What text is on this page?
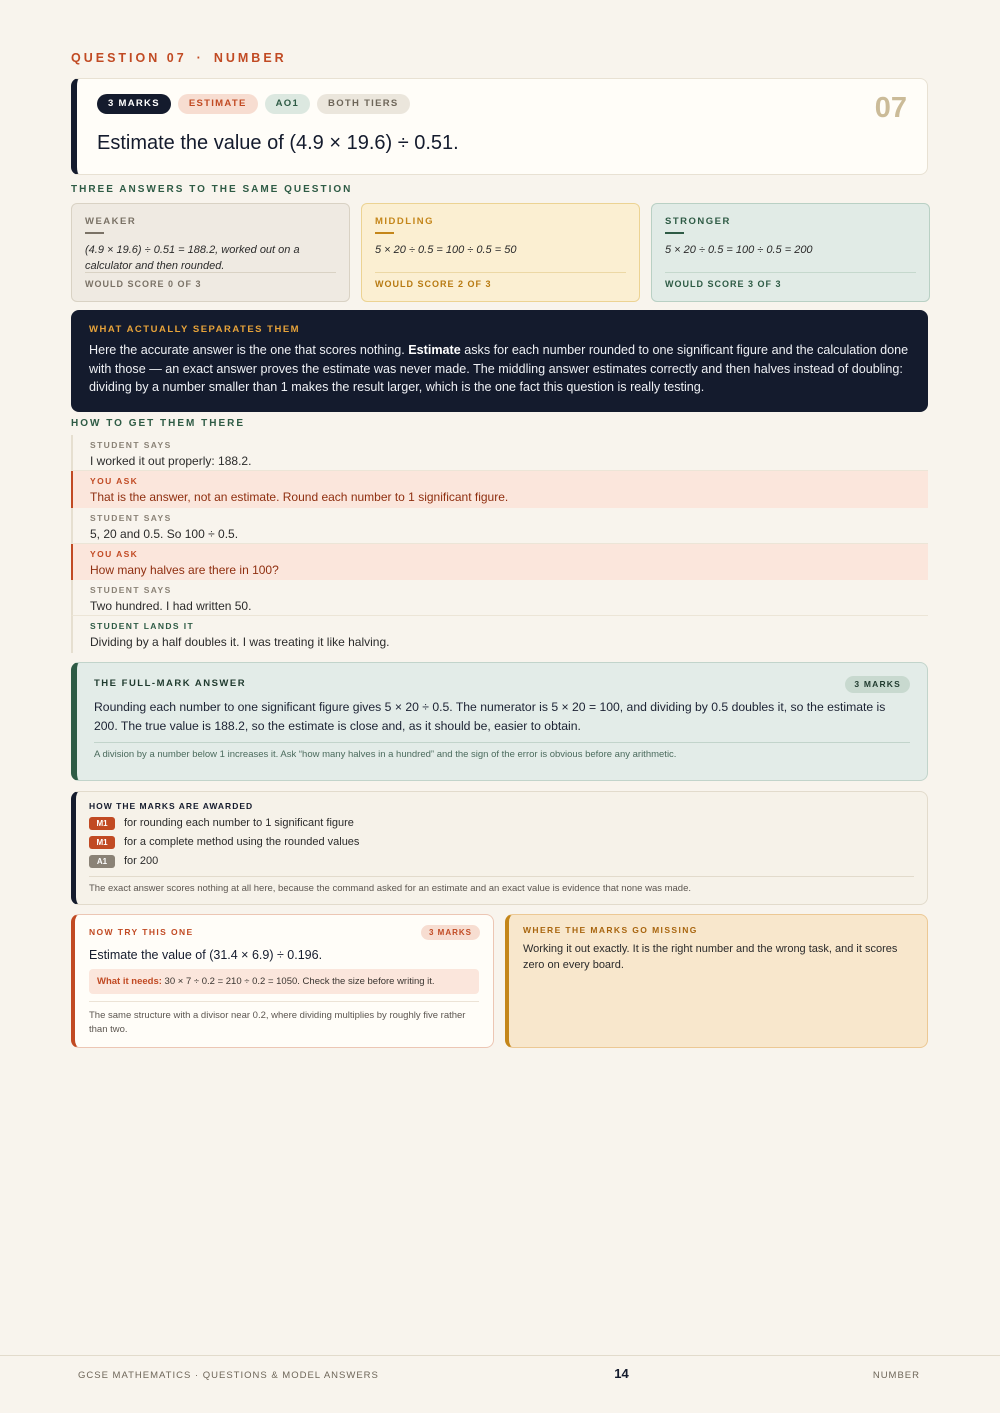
QUESTION 07 · NUMBER
3 MARKS	ESTIMATE	AO1	BOTH TIERS	07
Estimate the value of (4.9 × 19.6) ÷ 0.51.
THREE ANSWERS TO THE SAME QUESTION
WEAKER
(4.9 × 19.6) ÷ 0.51 = 188.2, worked out on a calculator and then rounded.
WOULD SCORE 0 OF 3
MIDDLING
5 × 20 ÷ 0.5 = 100 ÷ 0.5 = 50
WOULD SCORE 2 OF 3
STRONGER
5 × 20 ÷ 0.5 = 100 ÷ 0.5 = 200
WOULD SCORE 3 OF 3
WHAT ACTUALLY SEPARATES THEM

Here the accurate answer is the one that scores nothing. Estimate asks for each number rounded to one significant figure and the calculation done with those — an exact answer proves the estimate was never made. The middling answer estimates correctly and then halves instead of doubling: dividing by a number smaller than 1 makes the result larger, which is the one fact this question is really testing.

HOW TO GET THEM THERE
STUDENT SAYS
I worked it out properly: 188.2.
YOU ASK
That is the answer, not an estimate. Round each number to 1 significant figure.
STUDENT SAYS
5, 20 and 0.5. So 100 ÷ 0.5.
YOU ASK
How many halves are there in 100?
STUDENT SAYS
Two hundred. I had written 50.
STUDENT LANDS IT
Dividing by a half doubles it. I was treating it like halving.
THE FULL-MARK ANSWER	3 MARKS

Rounding each number to one significant figure gives 5 × 20 ÷ 0.5. The numerator is 5 × 20 = 100, and dividing by 0.5 doubles it, so the estimate is 200. The true value is 188.2, so the estimate is close and, as it should be, easier to obtain.

A division by a number below 1 increases it. Ask “how many halves in a hundred” and the sign of the error is obvious before any arithmetic.
HOW THE MARKS ARE AWARDED
M1	for rounding each number to 1 significant figure
M1	for a complete method using the rounded values
A1	for 200
The exact answer scores nothing at all here, because the command asked for an estimate and an exact value is evidence that none was made.
NOW TRY THIS ONE	3 MARKS
Estimate the value of (31.4 × 6.9) ÷ 0.196.
What it needs: 30 × 7 ÷ 0.2 = 210 ÷ 0.2 = 1050. Check the size before writing it.
The same structure with a divisor near 0.2, where dividing multiplies by roughly five rather than two.
WHERE THE MARKS GO MISSING

Working it out exactly. It is the right number and the wrong task, and it scores zero on every board.

GCSE MATHEMATICS · QUESTIONS & MODEL ANSWERS	14	NUMBER
